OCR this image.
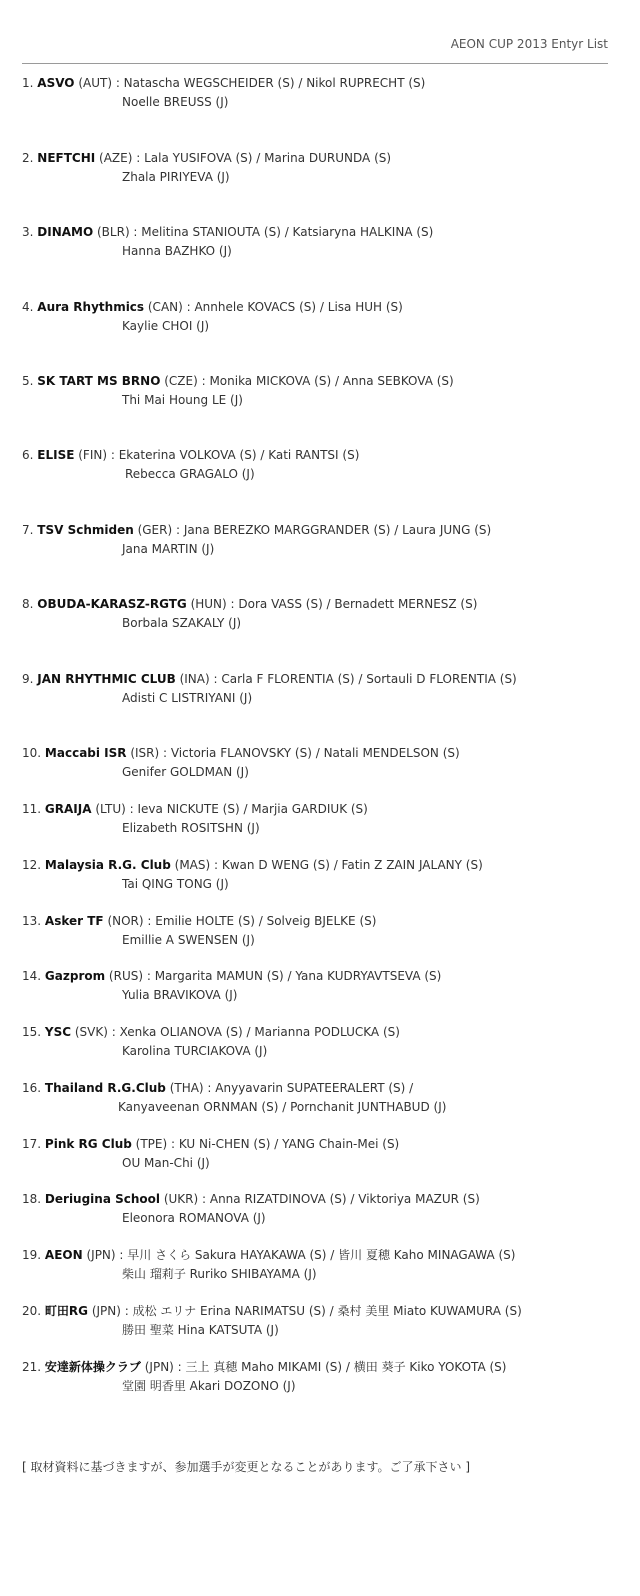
AEON CUP 2013 Entyr List
1. ASVO (AUT) : Natascha WEGSCHEIDER (S) / Nikol RUPRECHT (S)
Noelle BREUSS (J)
2. NEFTCHI (AZE) : Lala YUSIFOVA (S) / Marina DURUNDA (S)
Zhala PIRIYEVA (J)
3. DINAMO (BLR) : Melitina STANIOUTA (S) / Katsiaryna HALKINA (S)
Hanna BAZHKO (J)
4. Aura Rhythmics (CAN) : Annhele KOVACS (S) / Lisa HUH (S)
Kaylie CHOI (J)
5. SK TART MS BRNO (CZE) : Monika MICKOVA (S) / Anna SEBKOVA (S)
Thi Mai Houng LE (J)
6. ELISE (FIN) : Ekaterina VOLKOVA (S) / Kati RANTSI (S)
Rebecca GRAGALO (J)
7. TSV Schmiden (GER) : Jana BEREZKO MARGGRANDER (S) / Laura JUNG (S)
Jana MARTIN (J)
8. OBUDA-KARASZ-RGTG (HUN) : Dora VASS (S) / Bernadett MERNESZ (S)
Borbala SZAKALY (J)
9. JAN RHYTHMIC CLUB (INA) : Carla F FLORENTIA (S) / Sortauli D FLORENTIA (S)
Adisti C LISTRIYANI (J)
10. Maccabi ISR (ISR) : Victoria FLANOVSKY (S) / Natali MENDELSON (S)
Genifer GOLDMAN (J)
11. GRAIJA (LTU) : Ieva NICKUTE (S) / Marjia GARDIUK (S)
Elizabeth ROSITSHN (J)
12. Malaysia R.G. Club (MAS) : Kwan D WENG (S) / Fatin Z ZAIN JALANY (S)
Tai QING TONG (J)
13. Asker TF (NOR) : Emilie HOLTE (S) / Solveig BJELKE (S)
Emillie A SWENSEN (J)
14. Gazprom (RUS) : Margarita MAMUN (S) / Yana KUDRYAVTSEVA (S)
Yulia BRAVIKOVA (J)
15. YSC (SVK) : Xenka OLIANOVA (S) / Marianna PODLUCKA (S)
Karolina TURCIAKOVA (J)
16. Thailand R.G.Club (THA) : Anyyavarin SUPATEERALERT (S) /
Kanyaveenan ORNMAN (S) / Pornchanit JUNTHABUD (J)
17. Pink RG Club (TPE) : KU Ni-CHEN (S) / YANG Chain-Mei (S)
OU Man-Chi (J)
18. Deriugina School (UKR) : Anna RIZATDINOVA (S) / Viktoriya MAZUR (S)
Eleonora ROMANOVA (J)
19. AEON (JPN) : 早川 さくら Sakura HAYAKAWA (S) / 皆川 夏穂 Kaho MINAGAWA (S)
柴山 瑠莉子 Ruriko SHIBAYAMA (J)
20. 町田RG (JPN) : 成松 エリナ Erina NARIMATSU (S) / 桑村 美里 Miato KUWAMURA (S)
勝田 聖菜 Hina KATSUTA (J)
21. 安達新体操クラブ (JPN) : 三上 真穂 Maho MIKAMI (S) / 横田 葵子 Kiko YOKOTA (S)
堂園 明香里 Akari DOZONO (J)
[ 取材資料に基づきますが、参加選手が変更となることがあります。ご了承下さい ]
